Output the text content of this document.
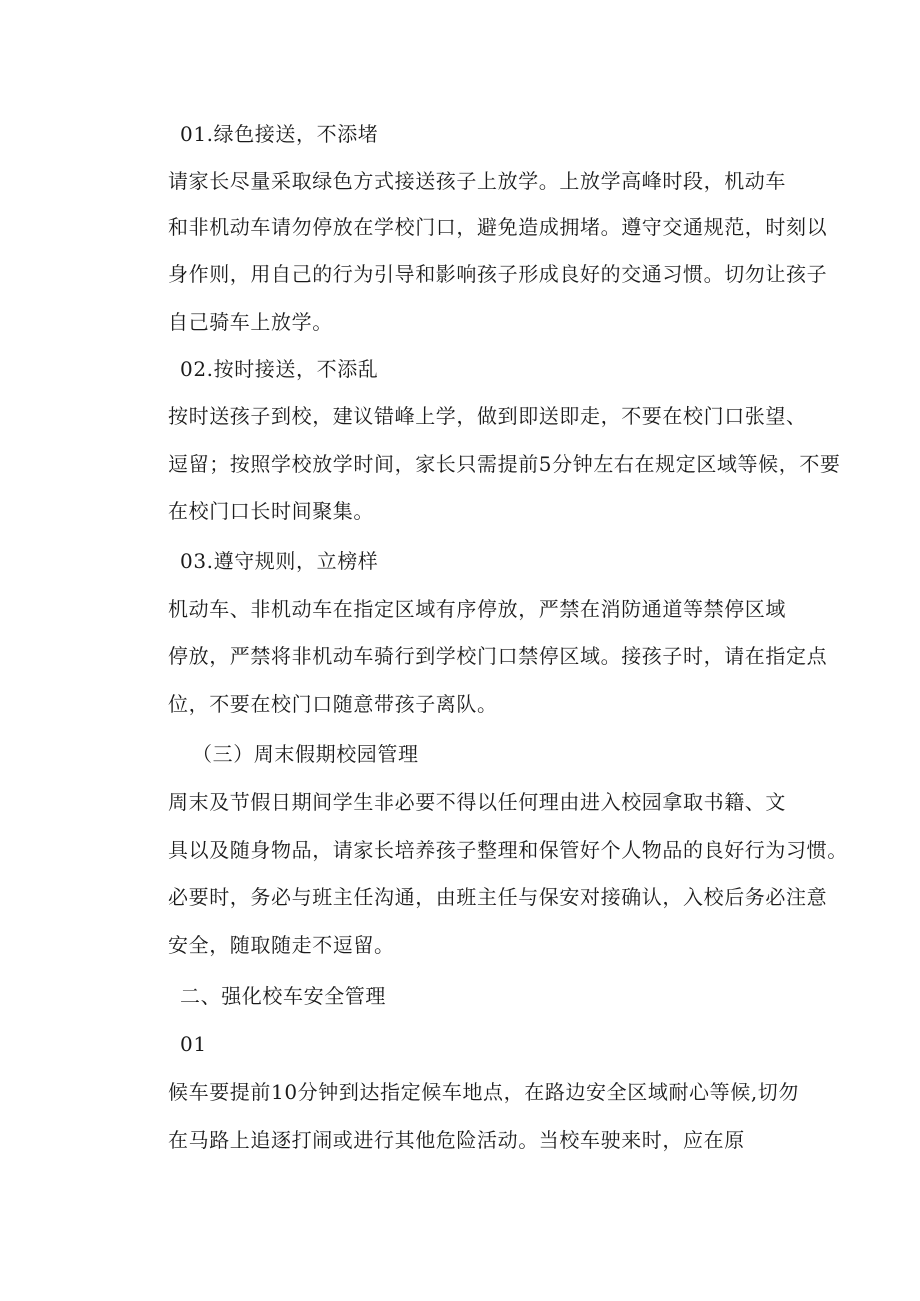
01.绿色接送，不添堵
请家长尽量采取绿色方式接送孩子上放学。上放学高峰时段，机动车
和非机动车请勿停放在学校门口，避免造成拥堵。遵守交通规范，时刻以
身作则，用自己的行为引导和影响孩子形成良好的交通习惯。切勿让孩子
自己骑车上放学。
02.按时接送，不添乱
按时送孩子到校，建议错峰上学，做到即送即走，不要在校门口张望、
逗留；按照学校放学时间，家长只需提前5分钟左右在规定区域等候，不要
在校门口长时间聚集。
03.遵守规则，立榜样
机动车、非机动车在指定区域有序停放，严禁在消防通道等禁停区域
停放，严禁将非机动车骑行到学校门口禁停区域。接孩子时，请在指定点
位，不要在校门口随意带孩子离队。
（三）周末假期校园管理
周末及节假日期间学生非必要不得以任何理由进入校园拿取书籍、文
具以及随身物品，请家长培养孩子整理和保管好个人物品的良好行为习惯。
必要时，务必与班主任沟通，由班主任与保安对接确认，入校后务必注意
安全，随取随走不逗留。
二、强化校车安全管理
01
候车要提前10分钟到达指定候车地点，在路边安全区域耐心等候,切勿
在马路上追逐打闹或进行其他危险活动。当校车驶来时，应在原
